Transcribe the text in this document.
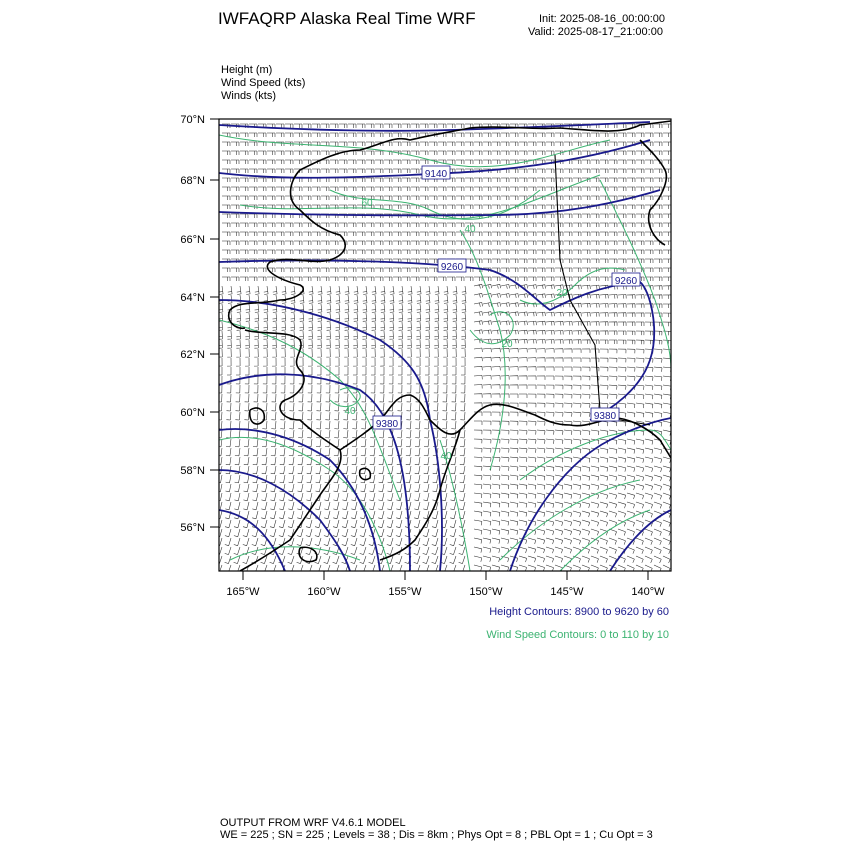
IWFAQRP Alaska Real Time WRF	Init: 2025-08-16_00:00:00
Valid: 2025-08-17_21:00:00
Height (m)
Wind Speed (kts)
Winds (kts)
70°N
68°N
66°N
64°N
62°N
60°N
58°N
56°N
165°W	160°W	155°W	150°W	145°W	140°W
9140
9260
9260
9380
9380
60
40
20
20
40
40
Height Contours: 8900 to 9620 by 60
Wind Speed Contours: 0 to 110 by 10
OUTPUT FROM WRF V4.6.1 MODEL
WE = 225 ; SN = 225 ; Levels = 38 ; Dis = 8km ; Phys Opt = 8 ; PBL Opt = 1 ; Cu Opt = 3
